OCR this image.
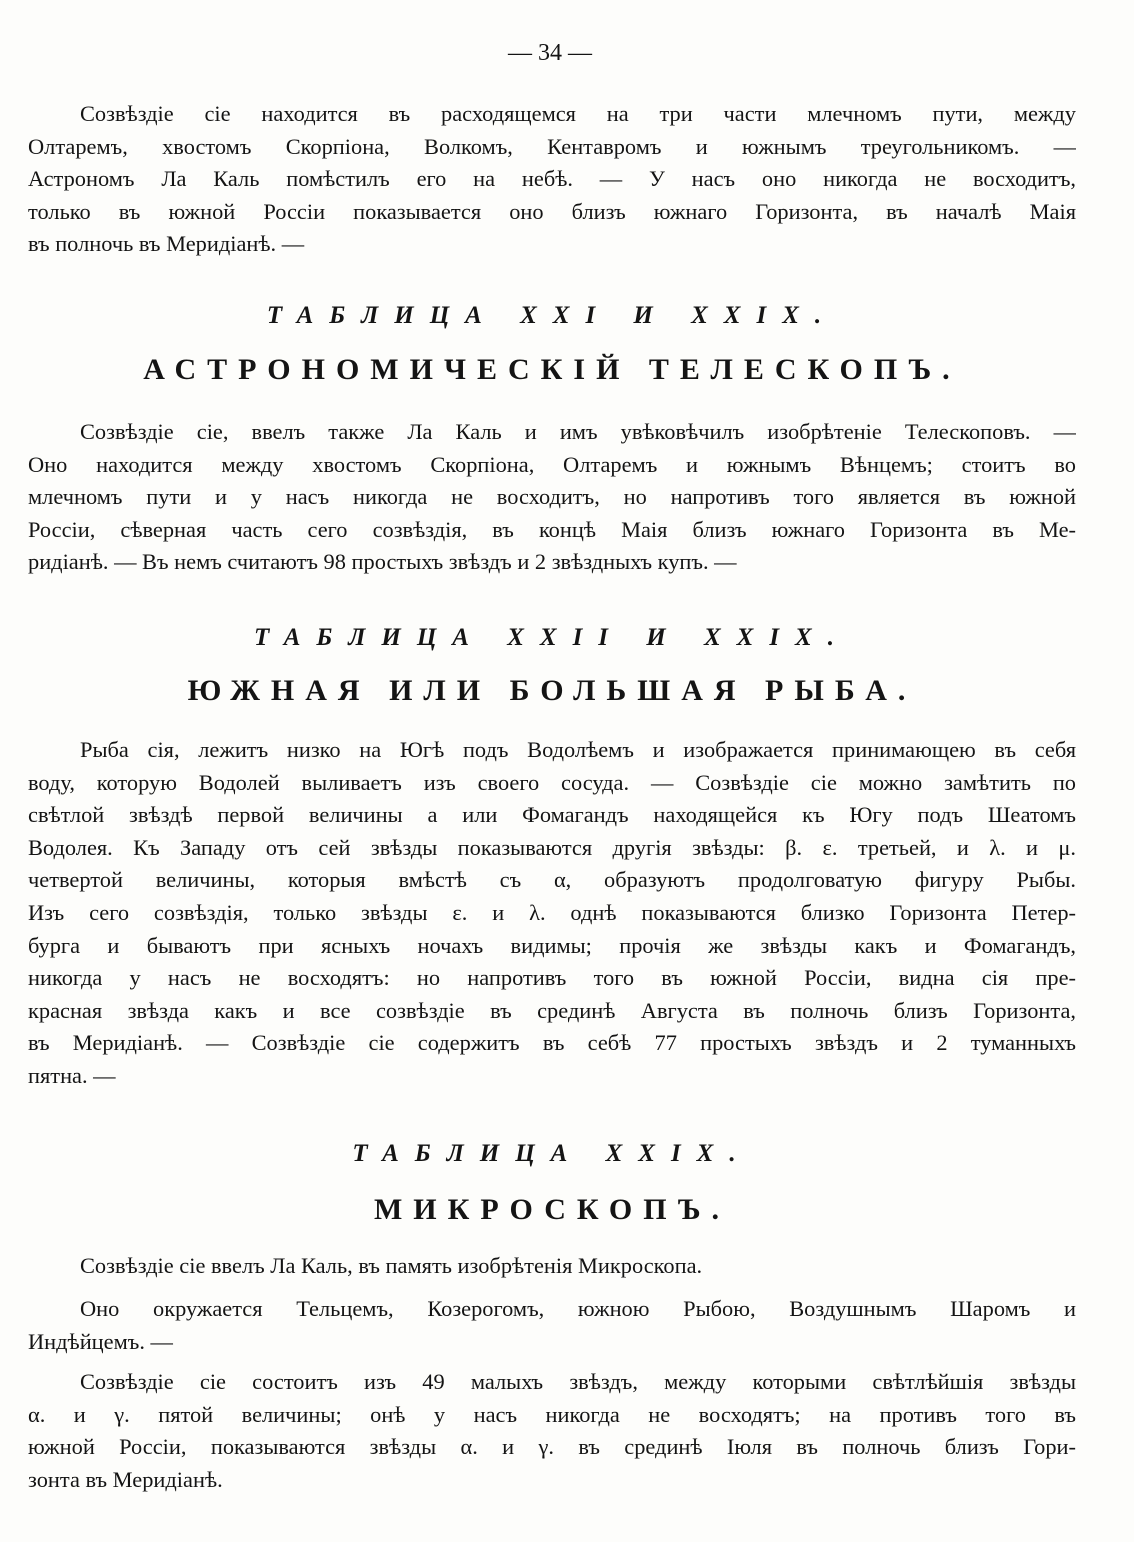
— 34 —

Созвѣздіе сіе находится въ расходящемся на три части млечномъ пути, между
Олтаремъ, хвостомъ Скорпіона, Волкомъ, Кентавромъ и южнымъ треугольникомъ. —
Астрономъ Ла Каль помѣстилъ его на небѣ. — У насъ оно никогда не восходитъ,
только въ южной Россіи показывается оно близъ южнаго Горизонта, въ началѣ Маія
въ полночь въ Меридіанѣ. —

ТАБЛИЦА XXI И XXIX.
АСТРОНОМИЧЕСКІЙ ТЕЛЕСКОПЪ.

Созвѣздіе сіе, ввелъ также Ла Каль и имъ увѣковѣчилъ изобрѣтеніе Телескоповъ. —
Оно находится между хвостомъ Скорпіона, Олтаремъ и южнымъ Вѣнцемъ; стоитъ во
млечномъ пути и у насъ никогда не восходитъ, но напротивъ того является въ южной
Россіи, сѣверная часть сего созвѣздія, въ концѣ Маія близъ южнаго Горизонта въ Ме-
ридіанѣ. — Въ немъ считаютъ 98 простыхъ звѣздъ и 2 звѣздныхъ купъ. —

ТАБЛИЦА XXII И XXIX.
ЮЖНАЯ ИЛИ БОЛЬШАЯ РЫБА.

Рыба сія, лежитъ низко на Югѣ подъ Водолѣемъ и изображается принимающею въ себя
воду, которую Водолей выливаетъ изъ своего сосуда. — Созвѣздіе сіе можно замѣтить по
свѣтлой звѣздѣ первой величины а или Фомагандъ находящейся къ Югу подъ Шеатомъ
Водолея. Къ Западу отъ сей звѣзды показываются другія звѣзды: β. ε. третьей, и λ. и μ.
четвертой величины, которыя вмѣстѣ съ α, образуютъ продолговатую фигуру Рыбы.
Изъ сего созвѣздія, только звѣзды ε. и λ. однѣ показываются близко Горизонта Петер-
бурга и бываютъ при ясныхъ ночахъ видимы; прочія же звѣзды какъ и Фомагандъ,
никогда у насъ не восходятъ: но напротивъ того въ южной Россіи, видна сія пре-
красная звѣзда какъ и все созвѣздіе въ срединѣ Августа въ полночь близъ Горизонта,
въ Меридіанѣ. — Созвѣздіе сіе содержитъ въ себѣ 77 простыхъ звѣздъ и 2 туманныхъ
пятна. —

ТАБЛИЦА XXIX.
МИКРОСКОПЪ.

Созвѣздіе сіе ввелъ Ла Каль, въ память изобрѣтенія Микроскопа.

Оно окружается Тельцемъ, Козерогомъ, южною Рыбою, Воздушнымъ Шаромъ и
Индѣйцемъ. —

Созвѣздіе сіе состоитъ изъ 49 малыхъ звѣздъ, между которыми свѣтлѣйшія звѣзды
α. и γ. пятой величины; онѣ у насъ никогда не восходятъ; на противъ того въ
южной Россіи, показываются звѣзды α. и γ. въ срединѣ Іюля въ полночь близъ Гори-
зонта въ Меридіанѣ.
